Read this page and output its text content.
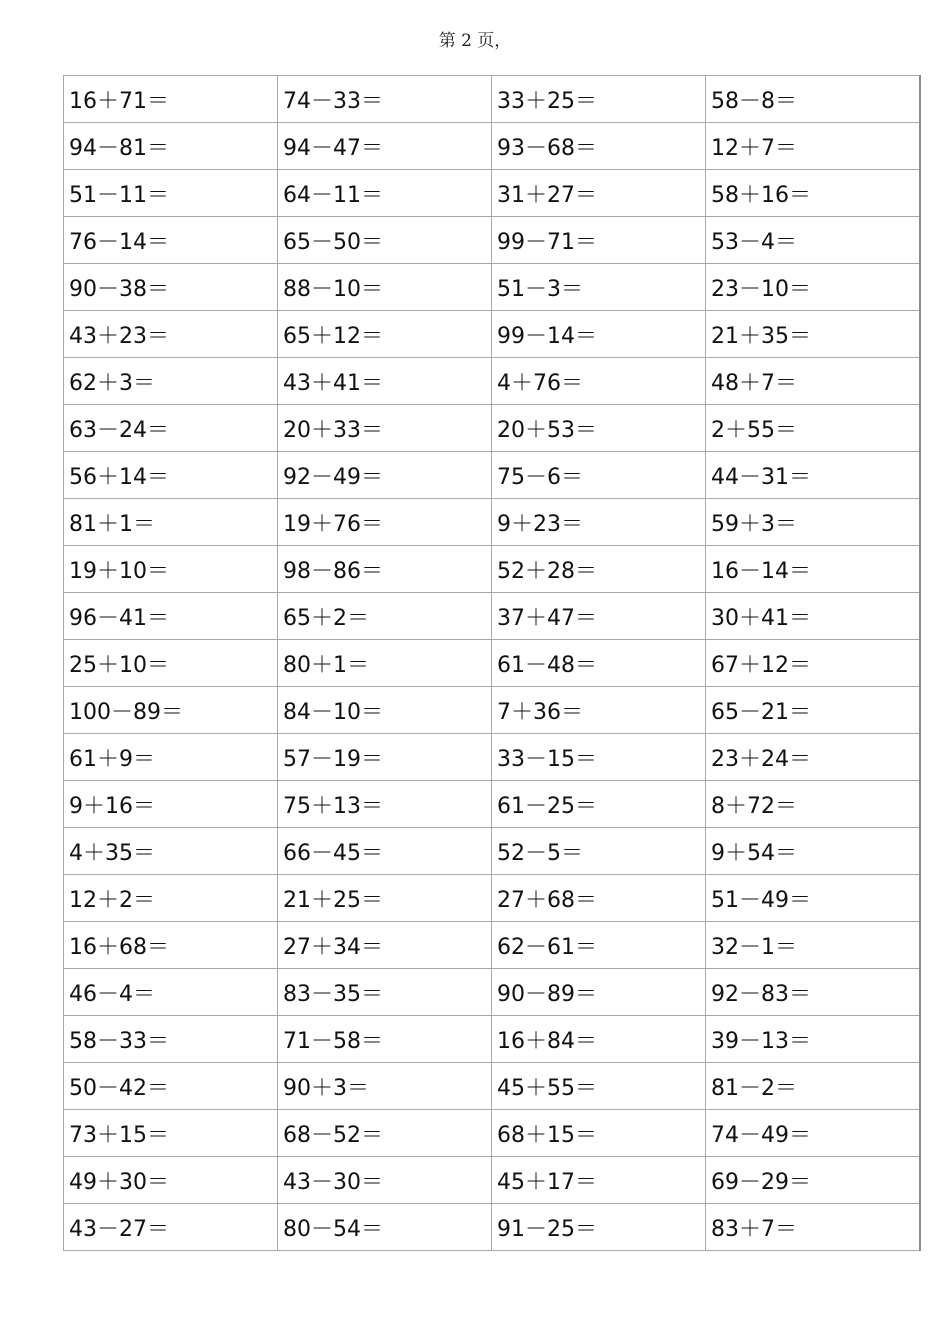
第 2 页，
16＋71＝	74－33＝	33＋25＝	58－8＝
94－81＝	94－47＝	93－68＝	12＋7＝
51－11＝	64－11＝	31＋27＝	58＋16＝
76－14＝	65－50＝	99－71＝	53－4＝
90－38＝	88－10＝	51－3＝	23－10＝
43＋23＝	65＋12＝	99－14＝	21＋35＝
62＋3＝	43＋41＝	4＋76＝	48＋7＝
63－24＝	20＋33＝	20＋53＝	2＋55＝
56＋14＝	92－49＝	75－6＝	44－31＝
81＋1＝	19＋76＝	9＋23＝	59＋3＝
19＋10＝	98－86＝	52＋28＝	16－14＝
96－41＝	65＋2＝	37＋47＝	30＋41＝
25＋10＝	80＋1＝	61－48＝	67＋12＝
100－89＝	84－10＝	7＋36＝	65－21＝
61＋9＝	57－19＝	33－15＝	23＋24＝
9＋16＝	75＋13＝	61－25＝	8＋72＝
4＋35＝	66－45＝	52－5＝	9＋54＝
12＋2＝	21＋25＝	27＋68＝	51－49＝
16＋68＝	27＋34＝	62－61＝	32－1＝
46－4＝	83－35＝	90－89＝	92－83＝
58－33＝	71－58＝	16＋84＝	39－13＝
50－42＝	90＋3＝	45＋55＝	81－2＝
73＋15＝	68－52＝	68＋15＝	74－49＝
49＋30＝	43－30＝	45＋17＝	69－29＝
43－27＝	80－54＝	91－25＝	83＋7＝
